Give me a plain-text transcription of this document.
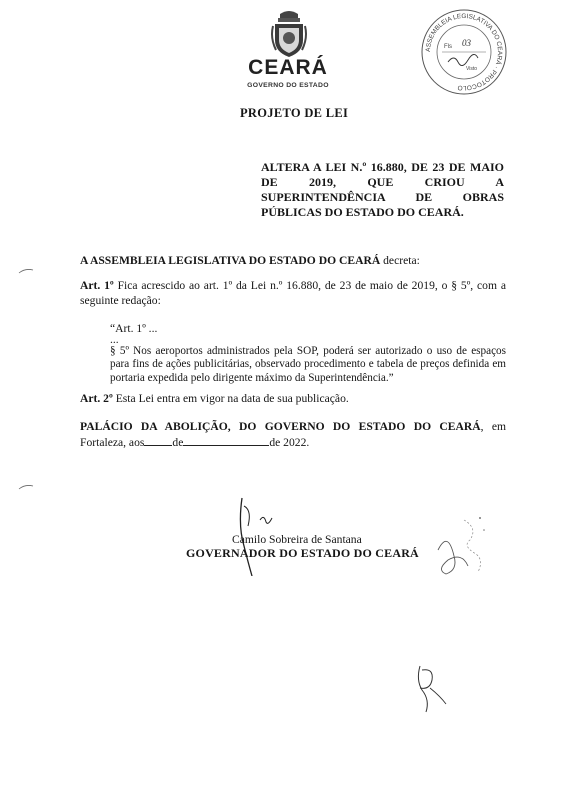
CEARÁ
GOVERNO DO ESTADO
ASSEMBLEIA LEGISLATIVA DO CEARÁ · PROTOCOLO
Fls 03
Visto
PROJETO DE LEI
ALTERA A LEI N.º 16.880, DE 23 DE MAIO DE 2019, QUE CRIOU A SUPERINTENDÊNCIA DE OBRAS PÚBLICAS DO ESTADO DO CEARÁ.
A ASSEMBLEIA LEGISLATIVA DO ESTADO DO CEARÁ decreta:
Art. 1º Fica acrescido ao art. 1º da Lei n.º 16.880, de 23 de maio de 2019, o § 5º, com a seguinte redação:
“Art. 1º ...
...
§ 5º Nos aeroportos administrados pela SOP, poderá ser autorizado o uso de espaços para fins de ações publicitárias, observado procedimento e tabela de preços definida em portaria expedida pelo dirigente máximo da Superintendência.”
Art. 2º Esta Lei entra em vigor na data de sua publicação.
PALÁCIO DA ABOLIÇÃO, DO GOVERNO DO ESTADO DO CEARÁ, em Fortaleza, aos de	de 2022.
Camilo Sobreira de Santana
GOVERNADOR DO ESTADO DO CEARÁ
